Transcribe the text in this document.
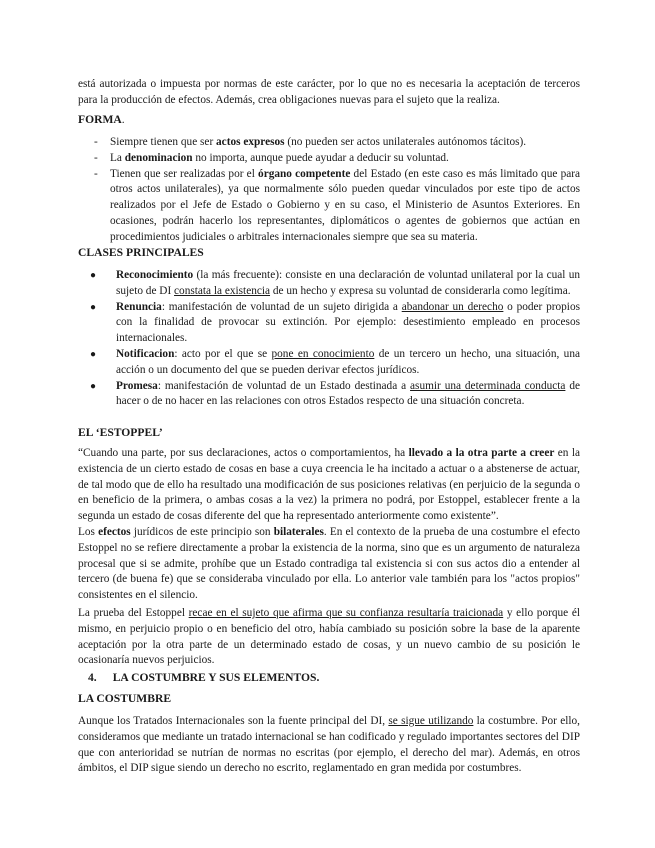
está autorizada o impuesta por normas de este carácter, por lo que no es necesaria la aceptación de terceros para la producción de efectos. Además, crea obligaciones nuevas para el sujeto que la realiza.

FORMA.
- Siempre tienen que ser actos expresos (no pueden ser actos unilaterales autónomos tácitos).
- La denominacion no importa, aunque puede ayudar a deducir su voluntad.
- Tienen que ser realizadas por el órgano competente del Estado (en este caso es más limitado que para otros actos unilaterales), ya que normalmente sólo pueden quedar vinculados por este tipo de actos realizados por el Jefe de Estado o Gobierno y en su caso, el Ministerio de Asuntos Exteriores. En ocasiones, podrán hacerlo los representantes, diplomáticos o agentes de gobiernos que actúan en procedimientos judiciales o arbitrales internacionales siempre que sea su materia.
CLASES PRINCIPALES
● Reconocimiento (la más frecuente): consiste en una declaración de voluntad unilateral por la cual un sujeto de DI constata la existencia de un hecho y expresa su voluntad de considerarla como legítima.
● Renuncia: manifestación de voluntad de un sujeto dirigida a abandonar un derecho o poder propios con la finalidad de provocar su extinción. Por ejemplo: desestimiento empleado en procesos internacionales.
● Notificacion: acto por el que se pone en conocimiento de un tercero un hecho, una situación, una acción o un documento del que se pueden derivar efectos jurídicos.
● Promesa: manifestación de voluntad de un Estado destinada a asumir una determinada conducta de hacer o de no hacer en las relaciones con otros Estados respecto de una situación concreta.
EL ‘ESTOPPEL’

“Cuando una parte, por sus declaraciones, actos o comportamientos, ha llevado a la otra parte a creer en la existencia de un cierto estado de cosas en base a cuya creencia le ha incitado a actuar o a abstenerse de actuar, de tal modo que de ello ha resultado una modificación de sus posiciones relativas (en perjuicio de la segunda o en beneficio de la primera, o ambas cosas a la vez) la primera no podrá, por Estoppel, establecer frente a la segunda un estado de cosas diferente del que ha representado anteriormente como existente”.

Los efectos jurídicos de este principio son bilaterales. En el contexto de la prueba de una costumbre el efecto Estoppel no se refiere directamente a probar la existencia de la norma, sino que es un argumento de naturaleza procesal que si se admite, prohíbe que un Estado contradiga tal existencia si con sus actos dio a entender al tercero (de buena fe) que se consideraba vinculado por ella. Lo anterior vale también para los "actos propios" consistentes en el silencio.

La prueba del Estoppel recae en el sujeto que afirma que su confianza resultaría traicionada y ello porque él mismo, en perjuicio propio o en beneficio del otro, había cambiado su posición sobre la base de la aparente aceptación por la otra parte de un determinado estado de cosas, y un nuevo cambio de su posición le ocasionaría nuevos perjuicios.

4. LA COSTUMBRE Y SUS ELEMENTOS.
LA COSTUMBRE

Aunque los Tratados Internacionales son la fuente principal del DI, se sigue utilizando la costumbre. Por ello, consideramos que mediante un tratado internacional se han codificado y regulado importantes sectores del DIP que con anterioridad se nutrían de normas no escritas (por ejemplo, el derecho del mar). Además, en otros ámbitos, el DIP sigue siendo un derecho no escrito, reglamentado en gran medida por costumbres.
